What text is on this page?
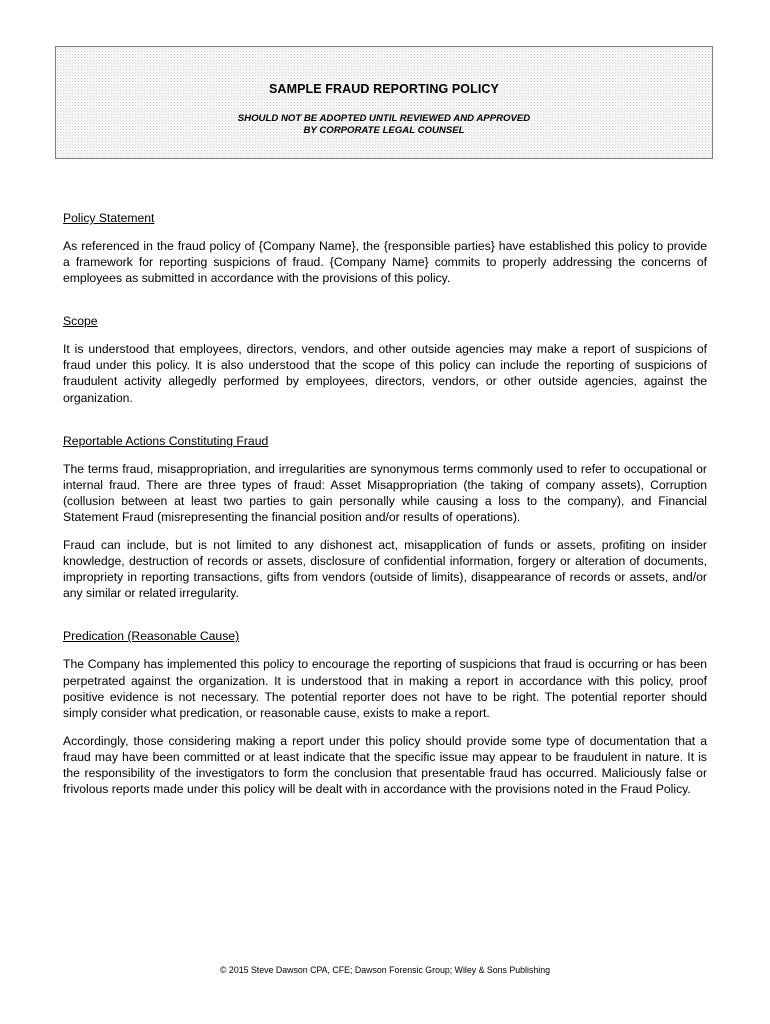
SAMPLE FRAUD REPORTING POLICY
SHOULD NOT BE ADOPTED UNTIL REVIEWED AND APPROVED
BY CORPORATE LEGAL COUNSEL

Policy Statement

As referenced in the fraud policy of {Company Name}, the {responsible parties} have established this policy to provide a framework for reporting suspicions of fraud. {Company Name} commits to properly addressing the concerns of employees as submitted in accordance with the provisions of this policy.

Scope

It is understood that employees, directors, vendors, and other outside agencies may make a report of suspicions of fraud under this policy. It is also understood that the scope of this policy can include the reporting of suspicions of fraudulent activity allegedly performed by employees, directors, vendors, or other outside agencies, against the organization.

Reportable Actions Constituting Fraud

The terms fraud, misappropriation, and irregularities are synonymous terms commonly used to refer to occupational or internal fraud. There are three types of fraud: Asset Misappropriation (the taking of company assets), Corruption (collusion between at least two parties to gain personally while causing a loss to the company), and Financial Statement Fraud (misrepresenting the financial position and/or results of operations).

Fraud can include, but is not limited to any dishonest act, misapplication of funds or assets, profiting on insider knowledge, destruction of records or assets, disclosure of confidential information, forgery or alteration of documents, impropriety in reporting transactions, gifts from vendors (outside of limits), disappearance of records or assets, and/or any similar or related irregularity.

Predication (Reasonable Cause)

The Company has implemented this policy to encourage the reporting of suspicions that fraud is occurring or has been perpetrated against the organization. It is understood that in making a report in accordance with this policy, proof positive evidence is not necessary. The potential reporter does not have to be right. The potential reporter should simply consider what predication, or reasonable cause, exists to make a report.

Accordingly, those considering making a report under this policy should provide some type of documentation that a fraud may have been committed or at least indicate that the specific issue may appear to be fraudulent in nature. It is the responsibility of the investigators to form the conclusion that presentable fraud has occurred. Maliciously false or frivolous reports made under this policy will be dealt with in accordance with the provisions noted in the Fraud Policy.

© 2015 Steve Dawson CPA, CFE; Dawson Forensic Group; Wiley & Sons Publishing
